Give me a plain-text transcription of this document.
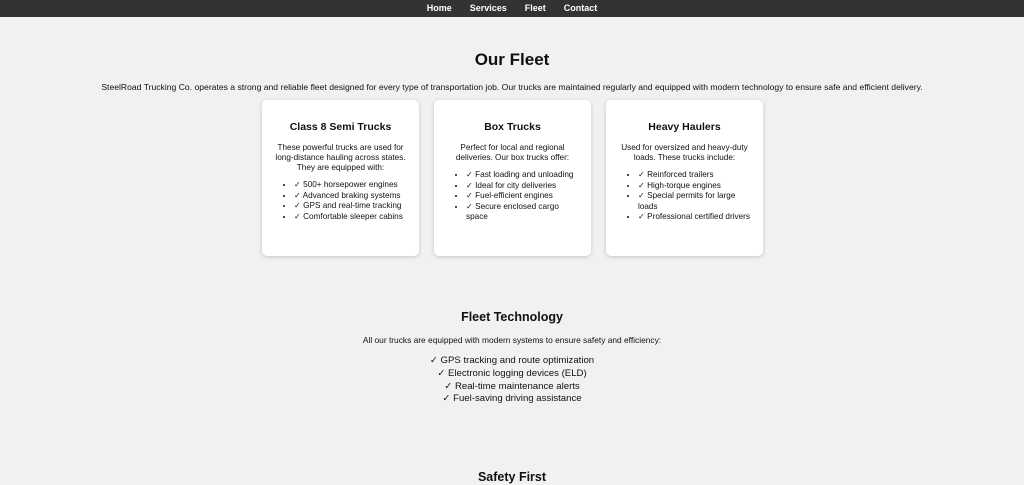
Home Services Fleet Contact
Our Fleet

SteelRoad Trucking Co. operates a strong and reliable fleet designed for every type of transportation job. Our trucks are maintained regularly and equipped with modern technology to ensure safe and efficient delivery.

Class 8 Semi Trucks

These powerful trucks are used for long-distance hauling across states. They are equipped with:

• ✓ 500+ horsepower engines
• ✓ Advanced braking systems
• ✓ GPS and real-time tracking
• ✓ Comfortable sleeper cabins
Box Trucks

Perfect for local and regional deliveries. Our box trucks offer:

• ✓ Fast loading and unloading
• ✓ Ideal for city deliveries
• ✓ Fuel-efficient engines
• ✓ Secure enclosed cargo space
Heavy Haulers

Used for oversized and heavy-duty loads. These trucks include:

• ✓ Reinforced trailers
• ✓ High-torque engines
• ✓ Special permits for large loads
• ✓ Professional certified drivers
Fleet Technology

All our trucks are equipped with modern systems to ensure safety and efficiency:

✓ GPS tracking and route optimization
✓ Electronic logging devices (ELD)
✓ Real-time maintenance alerts
✓ Fuel-saving driving assistance
Safety First
